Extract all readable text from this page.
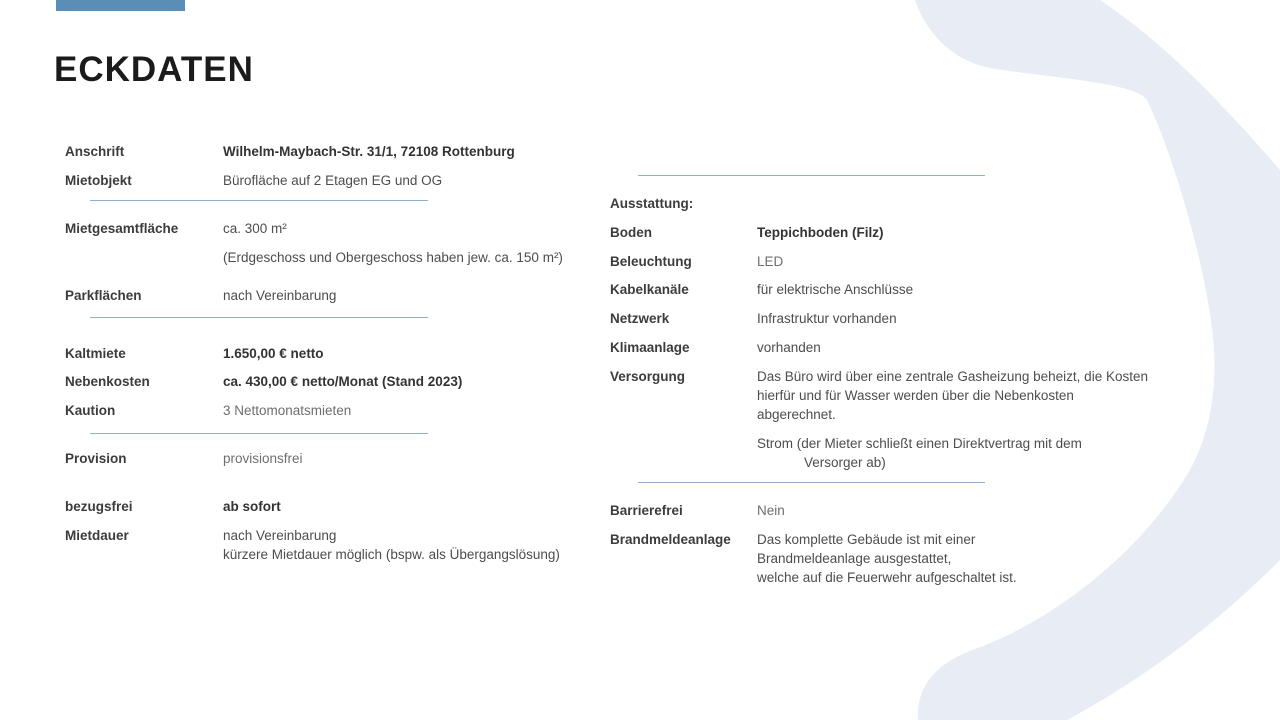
ECKDATEN
Anschrift	Wilhelm-Maybach-Str. 31/1, 72108 Rottenburg
Mietobjekt	Bürofläche auf 2 Etagen EG und OG
Mietgesamtfläche	ca. 300 m²
(Erdgeschoss und Obergeschoss haben jew. ca. 150 m²)
Parkflächen	nach Vereinbarung
Kaltmiete	1.650,00 € netto
Nebenkosten	ca. 430,00 € netto/Monat (Stand 2023)
Kaution	3 Nettomonatsmieten
Provision	provisionsfrei
bezugsfrei	ab sofort
Mietdauer	nach Vereinbarung
kürzere Mietdauer möglich (bspw. als Übergangslösung)
Ausstattung:
Boden	Teppichboden (Filz)
Beleuchtung	LED
Kabelkanäle	für elektrische Anschlüsse
Netzwerk	Infrastruktur vorhanden
Klimaanlage	vorhanden
Versorgung	Das Büro wird über eine zentrale Gasheizung beheizt, die Kosten
hierfür und für Wasser werden über die Nebenkosten
abgerechnet.
Strom (der Mieter schließt einen Direktvertrag mit dem
Versorger ab)
Barrierefrei	Nein
Brandmeldeanlage Das komplette Gebäude ist mit einer
Brandmeldeanlage ausgestattet,
welche auf die Feuerwehr aufgeschaltet ist.
